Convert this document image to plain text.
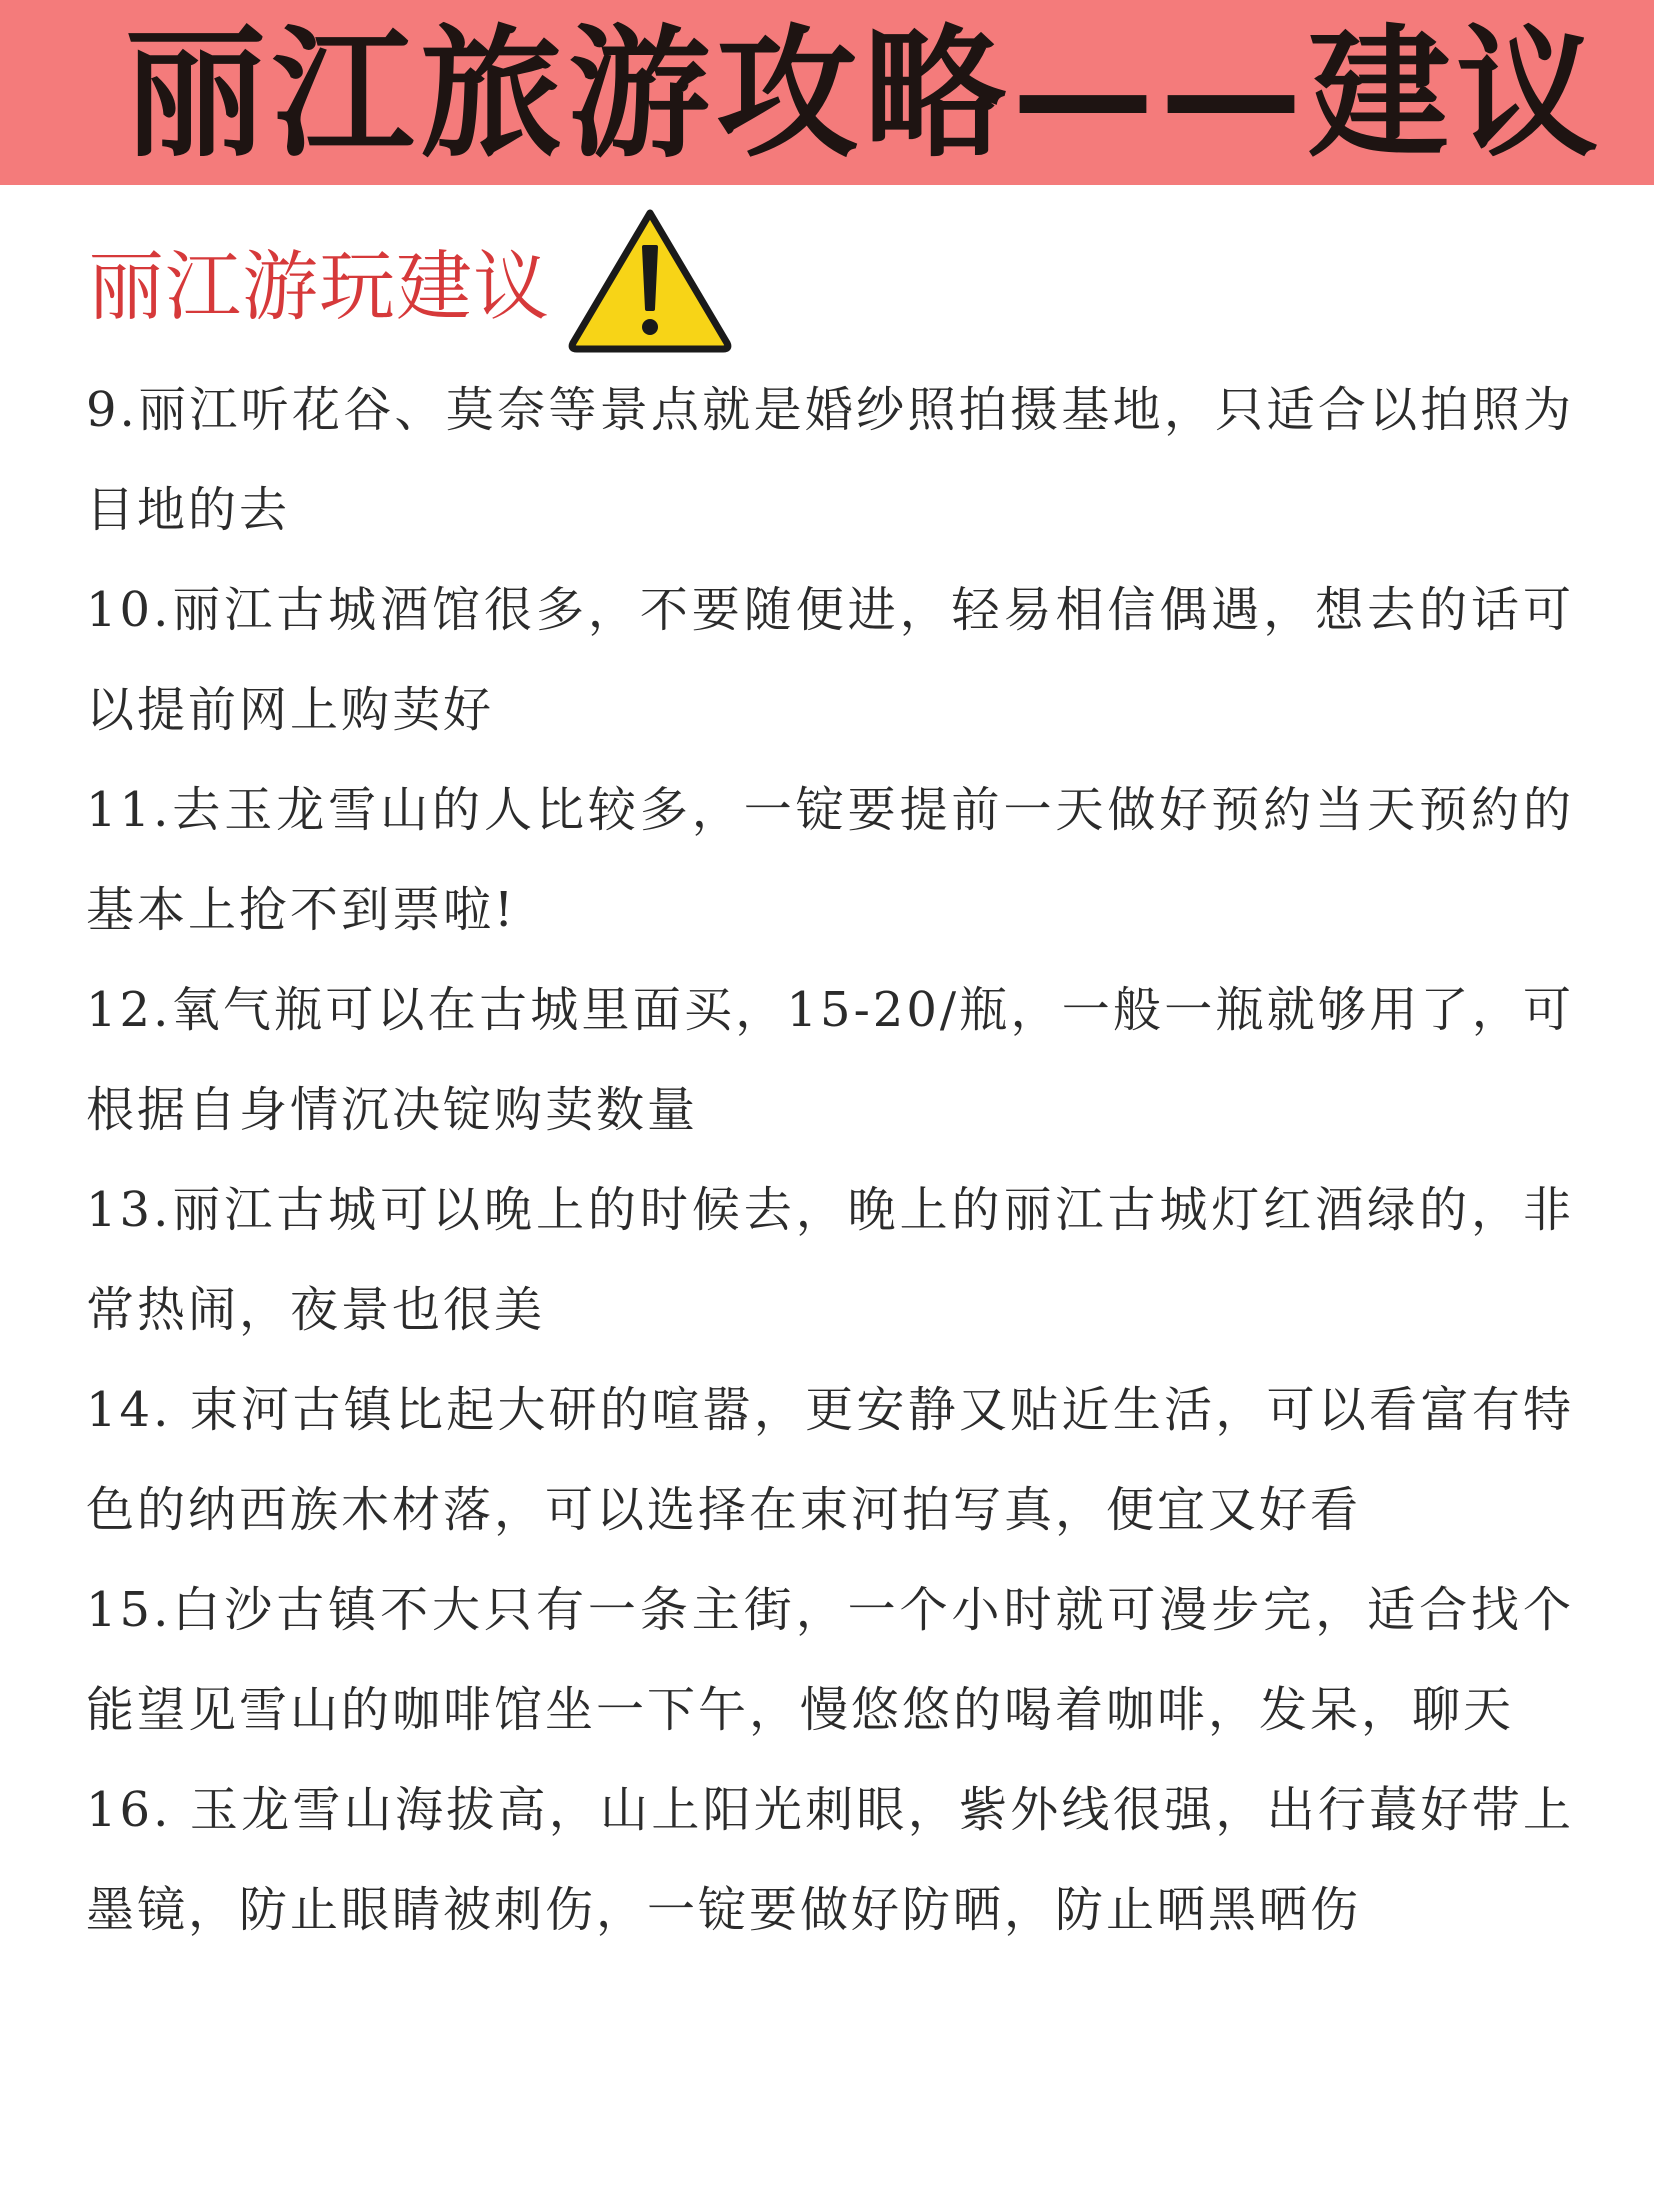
丽江旅游攻略——建议
丽江游玩建议

9.丽江听花谷、莫奈等景点就是婚纱照拍摄基地，只适合以拍照为目地的去

10.丽江古城酒馆很多，不要随便进，轻易相信偶遇，想去的话可以提前网上购荬好

11.去玉龙雪山的人比较多，一锭要提前一天做好预約当天预約的基本上抢不到票啦!

12.氧气瓶可以在古城里面买，15-20/瓶，一般一瓶就够用了，可根据自身情沉决锭购荬数量

13.丽江古城可以晚上的时候去，晚上的丽江古城灯红酒绿的，非常热闹，夜景也很美

14. 束河古镇比起大研的喧嚣，更安静又贴近生活，可以看富有特色的纳西族木材落，可以选择在束河拍写真，便宜又好看

15.白沙古镇不大只有一条主街，一个小时就可漫步完，适合找个能望见雪山的咖啡馆坐一下午，慢悠悠的喝着咖啡，发呆，聊天

16. 玉龙雪山海拔高，山上阳光刺眼，紫外线很强，出行蕞好带上墨镜，防止眼睛被刺伤，一锭要做好防晒，防止晒黑晒伤
